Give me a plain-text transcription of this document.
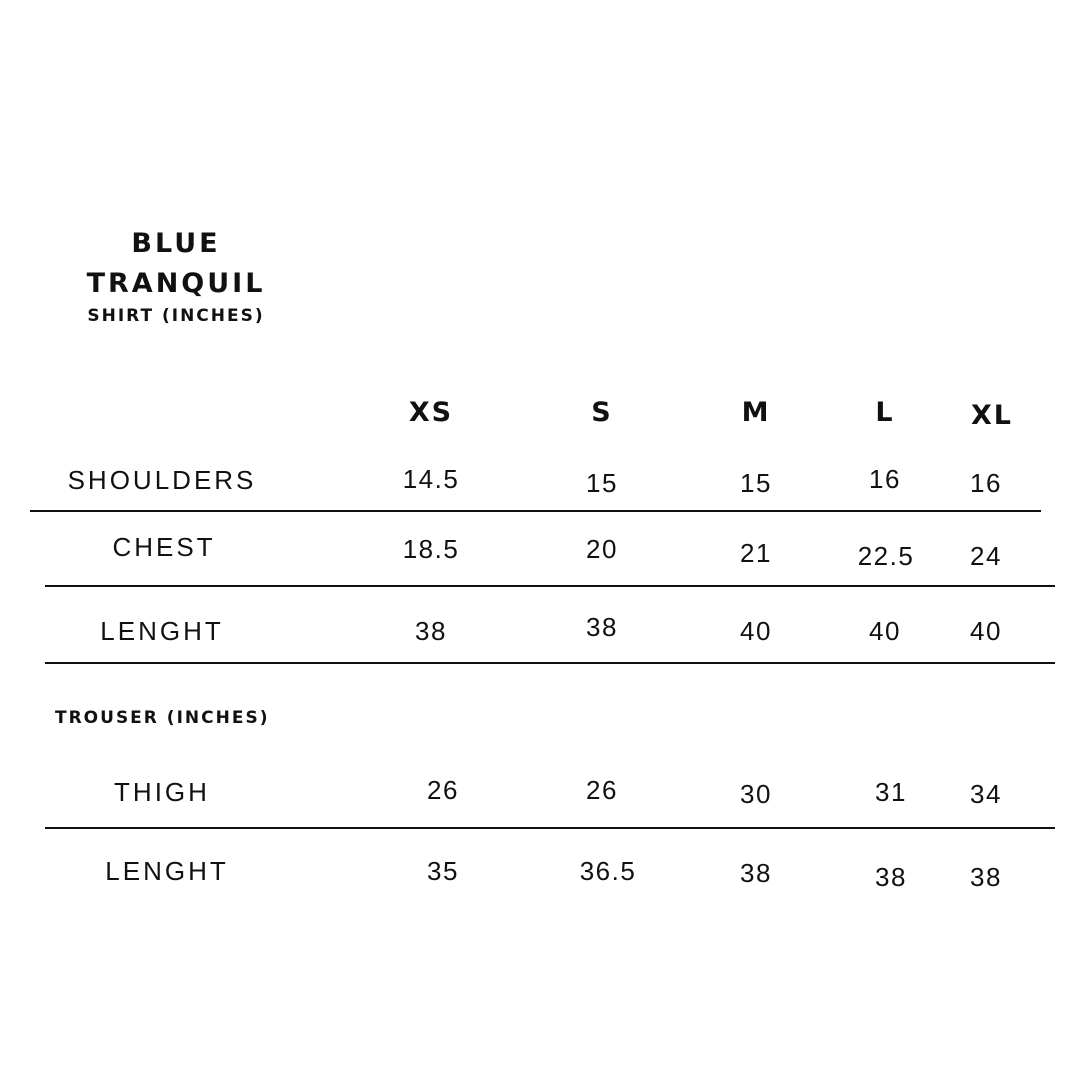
BLUE
TRANQUIL
SHIRT (INCHES)
XS	S	M	L	XL
SHOULDERS	14.5	15	15	16	16
CHEST	18.5	20	21	22.5 24
LENGHT	38	38	40	40	40
TROUSER (INCHES)
THIGH	26	26	30	31 34
LENGHT	35	36.5	38	38 38
